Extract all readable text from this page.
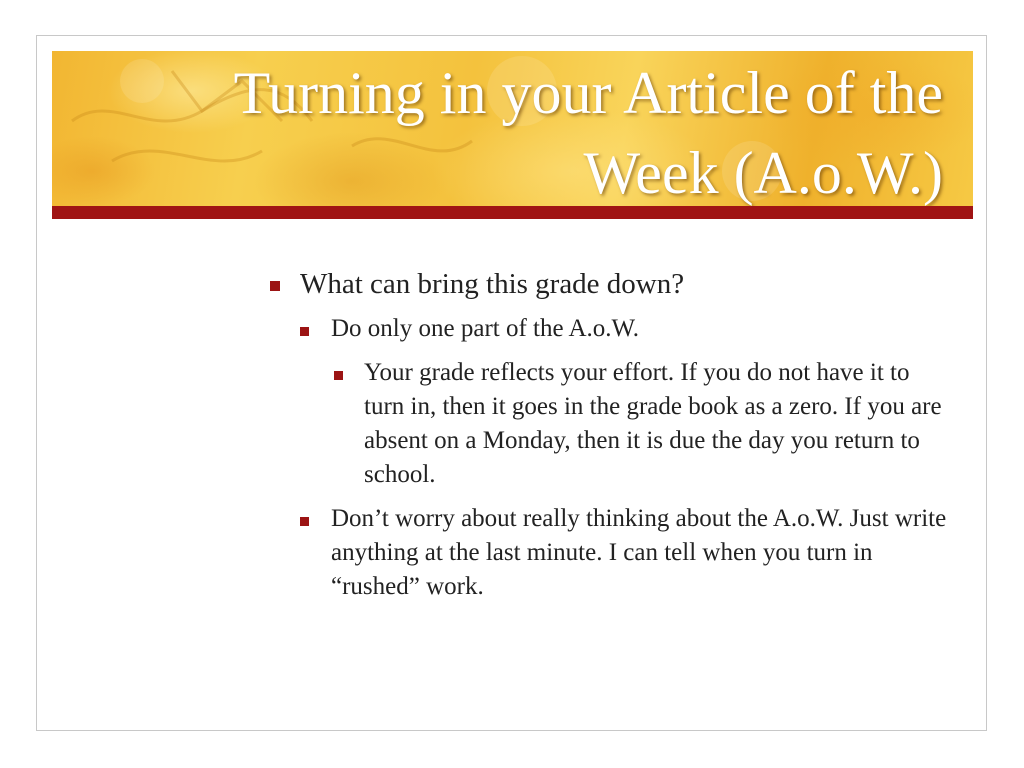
Turning in your Article of the Week (A.o.W.)
What can bring this grade down?
Do only one part of the A.o.W.
Your grade reflects your effort. If you do not have it to turn in, then it goes in the grade book as a zero. If you are absent on a Monday, then it is due the day you return to school.
Don’t worry about really thinking about the A.o.W. Just write anything at the last minute. I can tell when you turn in “rushed” work.
